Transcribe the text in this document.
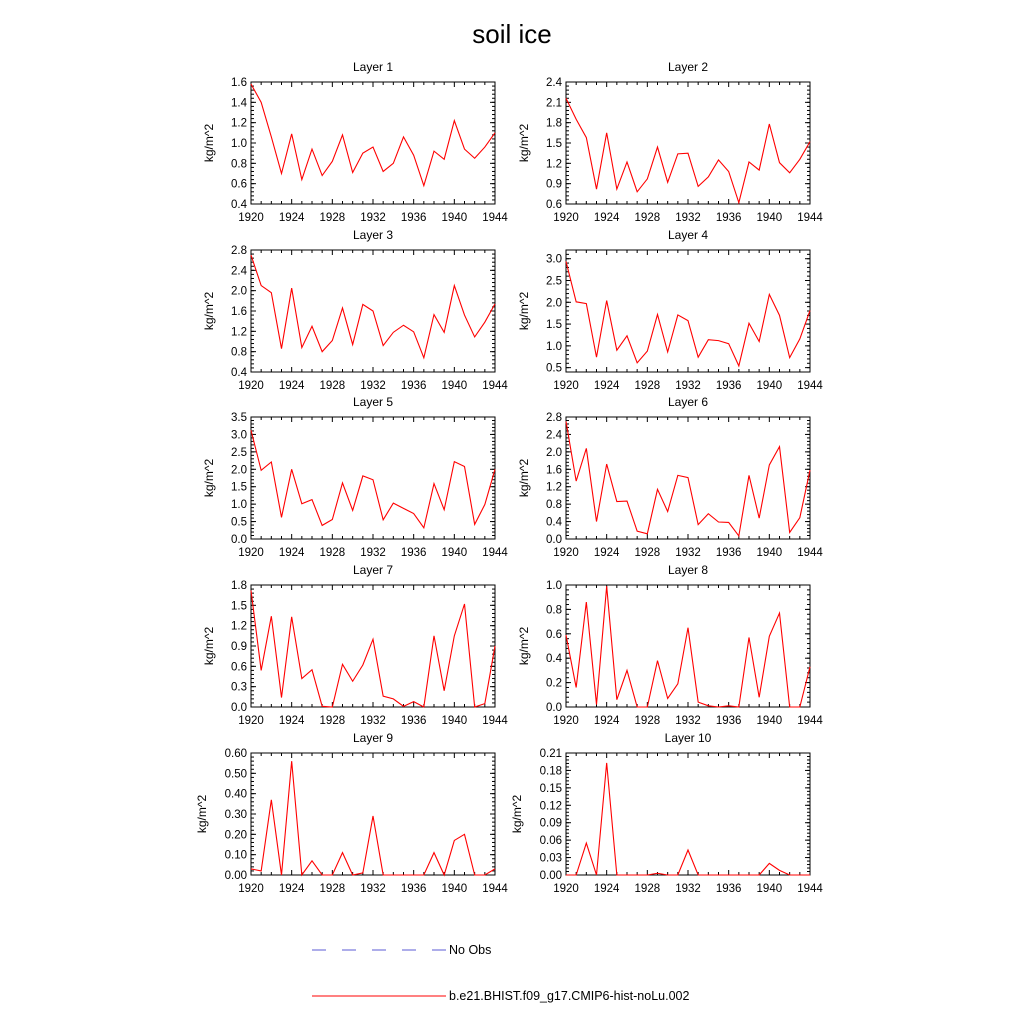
soil ice
Layer 1
1920 1924 1928 1932 1936 1940 1944
0.4
0.6
0.8
1.0
1.2
1.4
1.6
kg/m^2
Layer 2
1920 1924 1928 1932 1936 1940 1944
0.6
0.9
1.2
1.5
1.8
2.1
2.4
kg/m^2
Layer 3
1920 1924 1928 1932 1936 1940 1944
0.4
0.8
1.2
1.6
2.0
2.4
2.8
kg/m^2
Layer 4
1920 1924 1928 1932 1936 1940 1944
0.5
1.0
1.5
2.0
2.5
3.0
kg/m^2
Layer 5
1920 1924 1928 1932 1936 1940 1944
0.0
0.5
1.0
1.5
2.0
2.5
3.0
3.5
kg/m^2
Layer 6
1920 1924 1928 1932 1936 1940 1944
0.0
0.4
0.8
1.2
1.6
2.0
2.4
2.8
kg/m^2
Layer 7
1920 1924 1928 1932 1936 1940 1944
0.0
0.3
0.6
0.9
1.2
1.5
1.8
kg/m^2
Layer 8
1920 1924 1928 1932 1936 1940 1944
0.0
0.2
0.4
0.6
0.8
1.0
kg/m^2
Layer 9
1920 1924 1928 1932 1936 1940 1944
0.00
0.10
0.20
0.30
0.40
0.50
0.60
kg/m^2
Layer 10
1920 1924 1928 1932 1936 1940 1944
0.00
0.03
0.06
0.09
0.12
0.15
0.18
0.21
kg/m^2
No Obs
b.e21.BHIST.f09_g17.CMIP6-hist-noLu.002
